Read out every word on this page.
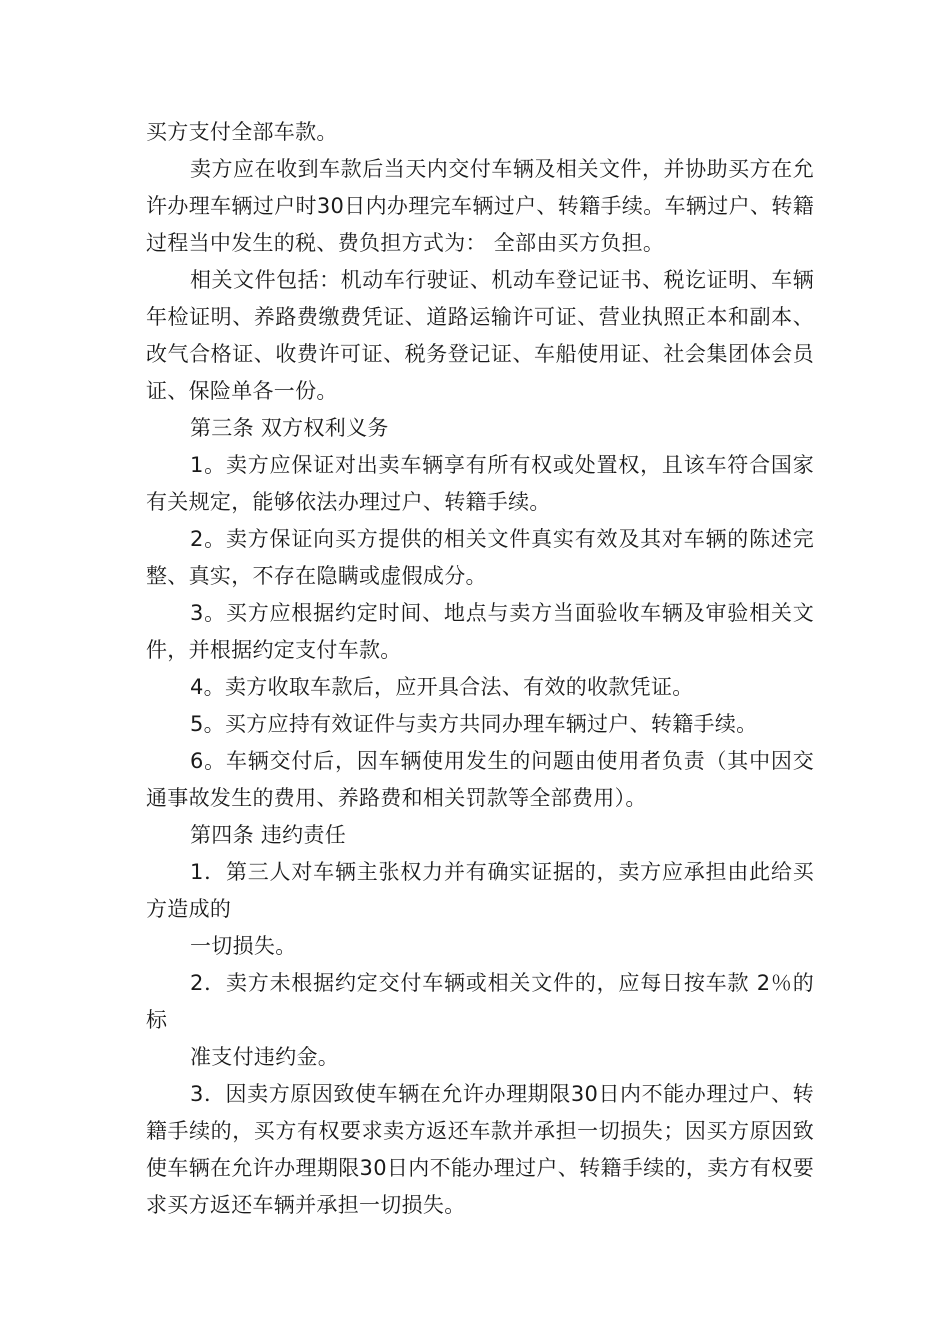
买方支付全部车款。

卖方应在收到车款后当天内交付车辆及相关文件，并协助买方在允许办理车辆过户时30日内办理完车辆过户、转籍手续。车辆过户、转籍过程当中发生的税、费负担方式为： 全部由买方负担。

相关文件包括：机动车行驶证、机动车登记证书、税讫证明、车辆年检证明、养路费缴费凭证、道路运输许可证、营业执照正本和副本、改气合格证、收费许可证、税务登记证、车船使用证、社会集团体会员证、保险单各一份。

第三条 双方权利义务

1。卖方应保证对出卖车辆享有所有权或处置权，且该车符合国家有关规定，能够依法办理过户、转籍手续。

2。卖方保证向买方提供的相关文件真实有效及其对车辆的陈述完整、真实，不存在隐瞒或虚假成分。

3。买方应根据约定时间、地点与卖方当面验收车辆及审验相关文件，并根据约定支付车款。

4。卖方收取车款后，应开具合法、有效的收款凭证。

5。买方应持有效证件与卖方共同办理车辆过户、转籍手续。

6。车辆交付后，因车辆使用发生的问题由使用者负责（其中因交通事故发生的费用、养路费和相关罚款等全部费用）。

第四条 违约责任

1．第三人对车辆主张权力并有确实证据的，卖方应承担由此给买方造成的

一切损失。

2．卖方未根据约定交付车辆或相关文件的，应每日按车款 2％的标

准支付违约金。

3．因卖方原因致使车辆在允许办理期限30日内不能办理过户、转籍手续的，买方有权要求卖方返还车款并承担一切损失；因买方原因致使车辆在允许办理期限30日内不能办理过户、转籍手续的，卖方有权要求买方返还车辆并承担一切损失。
